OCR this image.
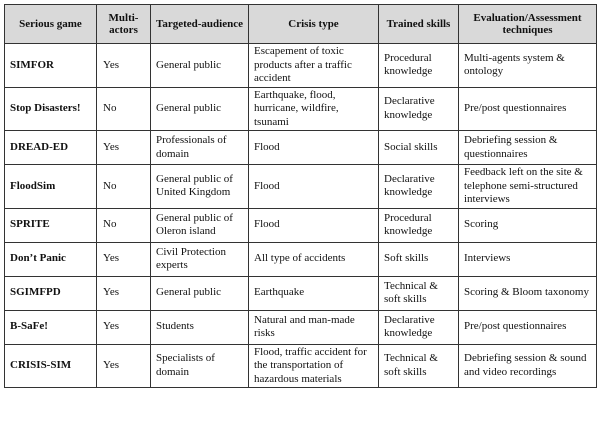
Serious game	Multi-actors	Targeted-audience	Crisis type	Trained skills	Evaluation/Assessment techniques
SIMFOR	Yes	General public	Escapement of toxic products after a traffic accident	Procedural knowledge	Multi-agents system & ontology
Stop Disasters!	No	General public	Earthquake, flood, hurricane, wildfire, tsunami	Declarative knowledge	Pre/post questionnaires
DREAD-ED	Yes	Professionals of domain	Flood	Social skills	Debriefing session & questionnaires
FloodSim	No	General public of United Kingdom	Flood	Declarative knowledge	Feedback left on the site & telephone semi-structured interviews
SPRITE	No	General public of Oleron island	Flood	Procedural knowledge	Scoring
Don’t Panic	Yes	Civil Protection experts	All type of accidents	Soft skills	Interviews
SGIMFPD	Yes	General public	Earthquake	Technical & soft skills	Scoring & Bloom taxonomy
B-SaFe!	Yes	Students	Natural and man-made risks	Declarative knowledge	Pre/post questionnaires
CRISIS-SIM	Yes	Specialists of domain	Flood, traffic accident for the transportation of hazardous materials	Technical & soft skills	Debriefing session & sound and video recordings
